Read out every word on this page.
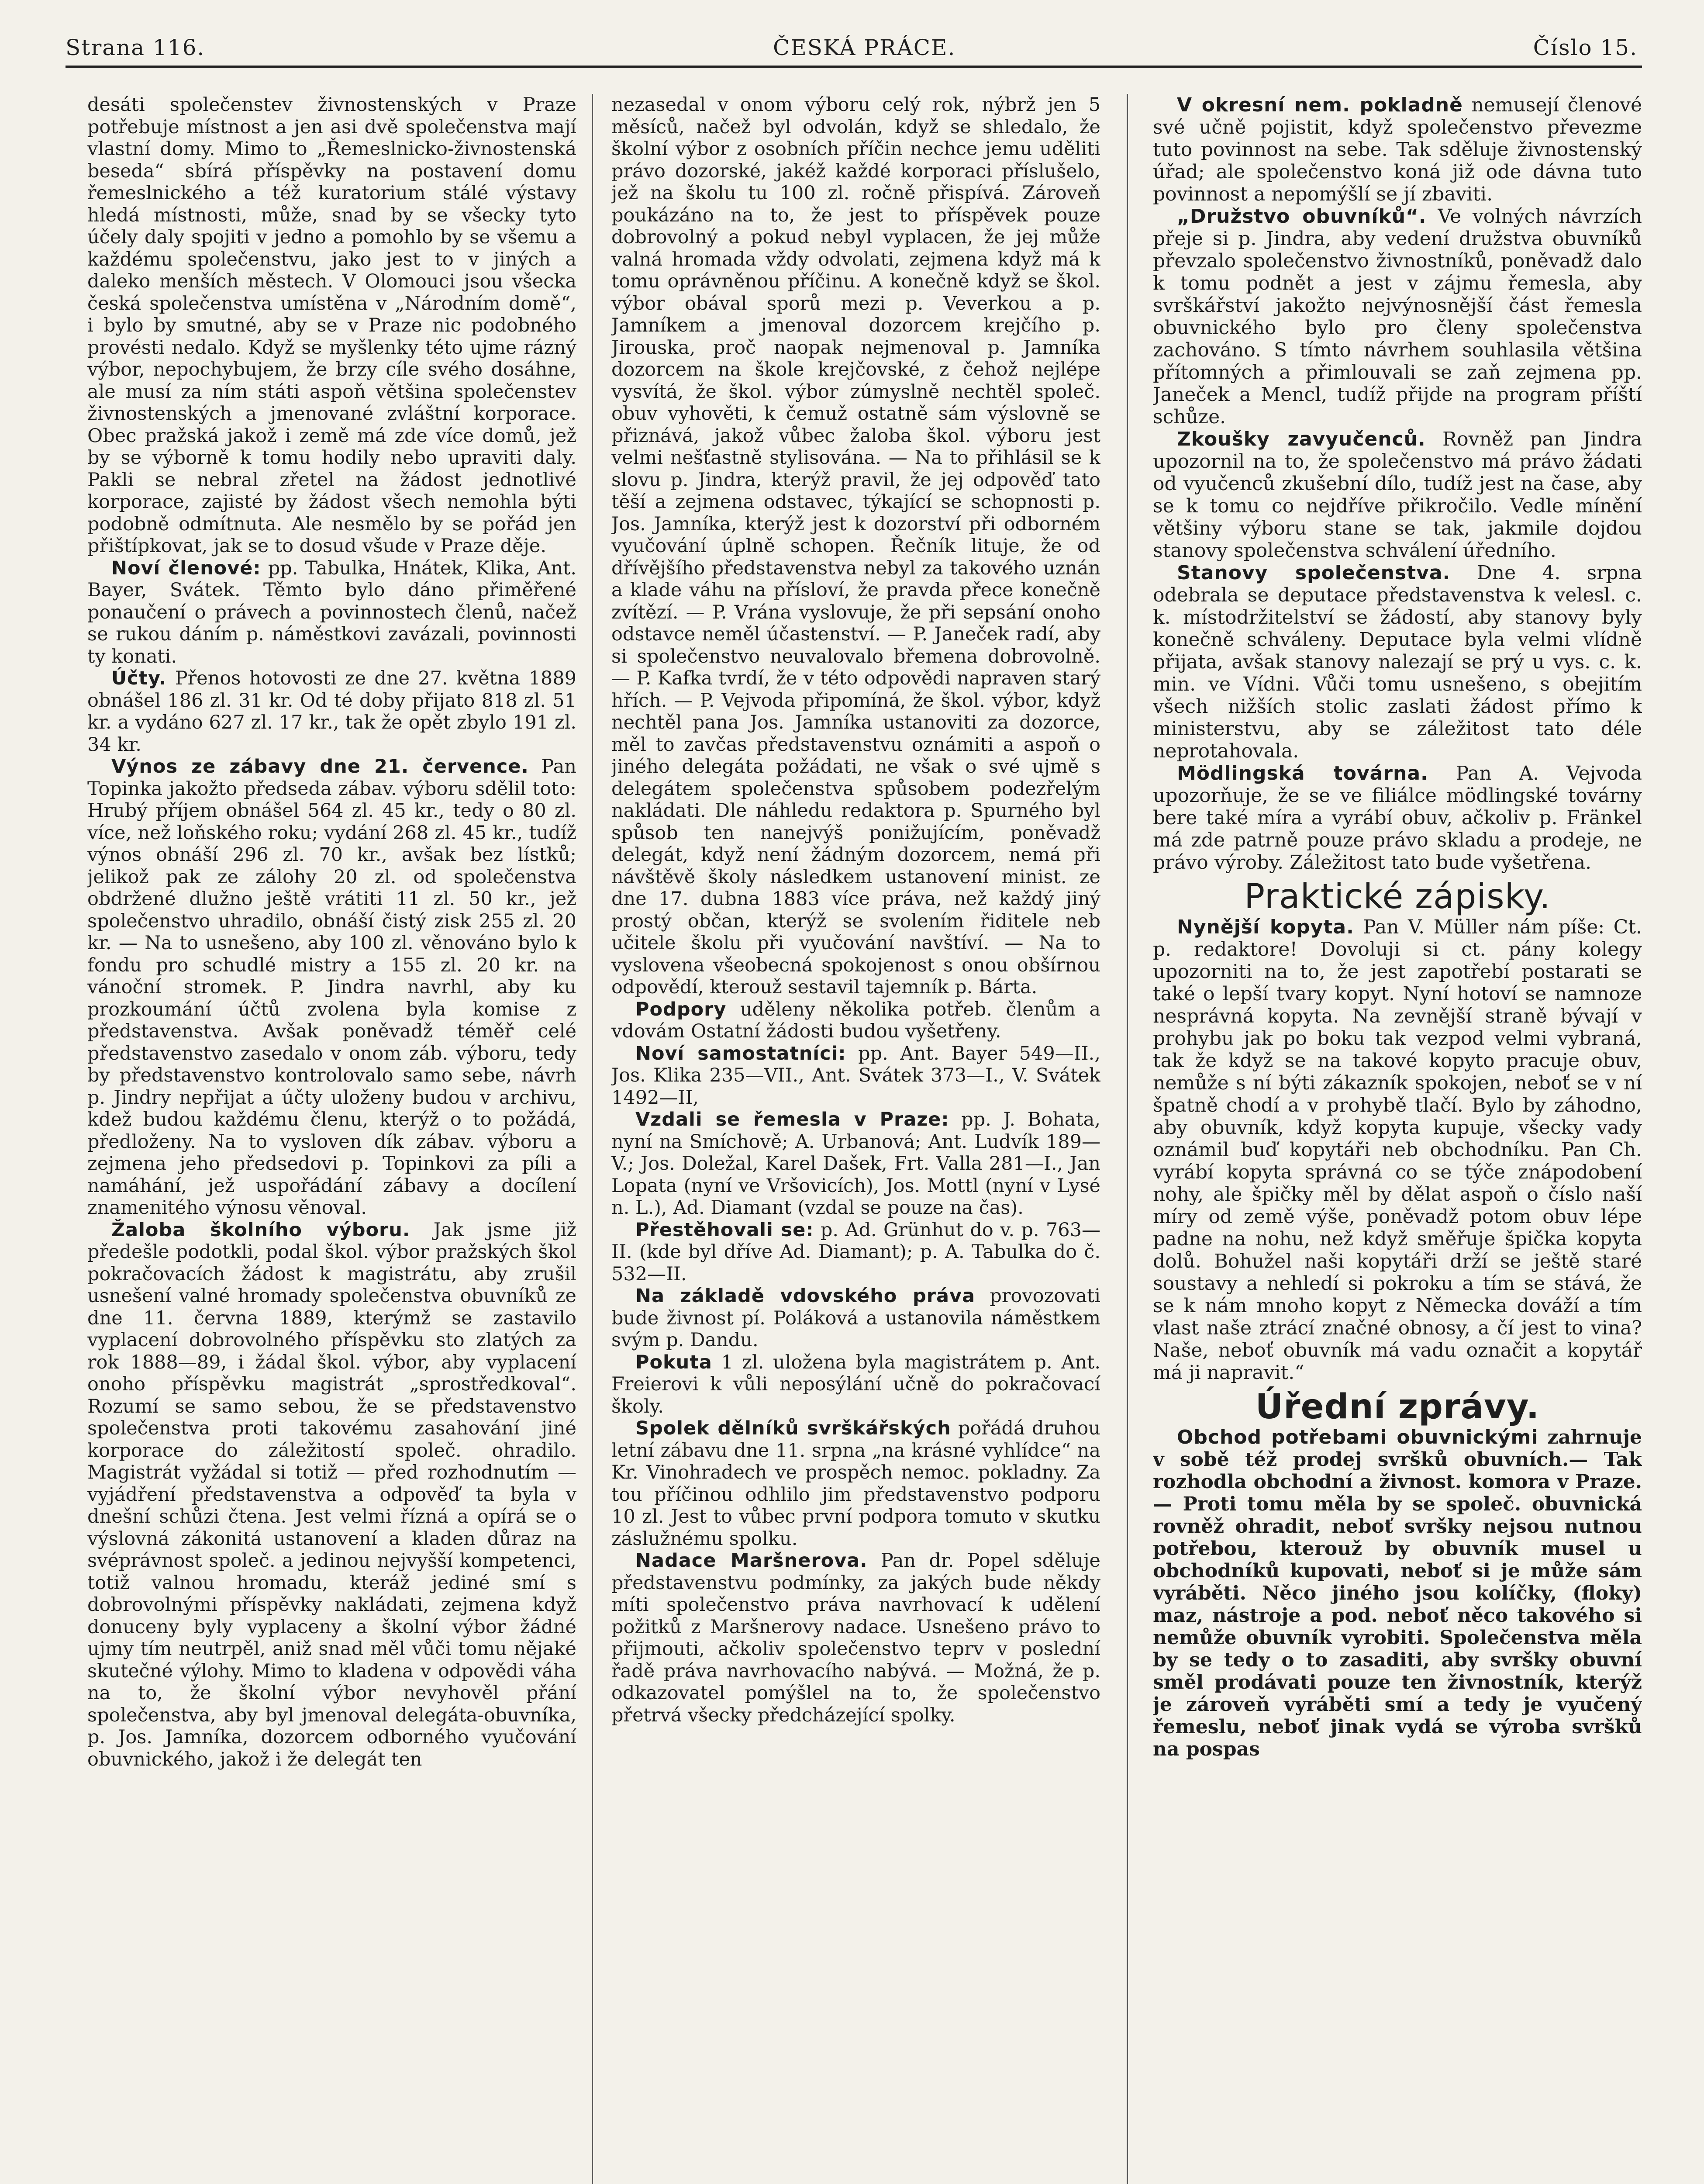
Strana 116.	ČESKÁ PRÁCE.	Číslo 15.

desáti společenstev živnostenských v Praze potřebuje místnost a jen asi dvě společenstva mají vlastní domy. Mimo to „Řemeslnicko-živnostenská beseda“ sbírá příspěvky na postavení domu řemeslnického a též kuratorium stálé výstavy hledá místnosti, může, snad by se všecky tyto účely daly spojiti v jedno a pomohlo by se všemu a každému společenstvu, jako jest to v jiných a daleko menších městech. V Olomouci jsou všecka česká společenstva umístěna v „Národním domě“, i bylo by smutné, aby se v Praze nic podobného provésti nedalo. Když se myšlenky této ujme rázný výbor, nepochybujem, že brzy cíle svého dosáhne, ale musí za ním státi aspoň většina společenstev živnostenských a jmenované zvláštní korporace. Obec pražská jakož i země má zde více domů, jež by se výborně k tomu hodily nebo upraviti daly. Pakli se nebral zřetel na žádost jednotlivé korporace, zajisté by žádost všech nemohla býti podobně odmítnuta. Ale nesmělo by se pořád jen přištípkovat, jak se to dosud všude v Praze děje.

Noví členové: pp. Tabulka, Hnátek, Klika, Ant. Bayer, Svátek. Těmto bylo dáno přiměřené ponaučení o právech a povinnostech členů, načež se rukou dáním p. náměstkovi zavázali, povinnosti ty konati.

Účty. Přenos hotovosti ze dne 27. května 1889 obnášel 186 zl. 31 kr. Od té doby přijato 818 zl. 51 kr. a vydáno 627 zl. 17 kr., tak že opět zbylo 191 zl. 34 kr.

Výnos ze zábavy dne 21. července. Pan Topinka jakožto předseda zábav. výboru sdělil toto: Hrubý příjem obnášel 564 zl. 45 kr., tedy o 80 zl. více, než loňského roku; vydání 268 zl. 45 kr., tudíž výnos obnáší 296 zl. 70 kr., avšak bez lístků; jelikož pak ze zálohy 20 zl. od společenstva obdržené dlužno ještě vrátiti 11 zl. 50 kr., jež společenstvo uhradilo, obnáší čistý zisk 255 zl. 20 kr. — Na to usnešeno, aby 100 zl. věnováno bylo k fondu pro schudlé mistry a 155 zl. 20 kr. na vánoční stromek. P. Jindra navrhl, aby ku prozkoumání účtů zvolena byla komise z představenstva. Avšak poněvadž téměř celé představenstvo zasedalo v onom záb. výboru, tedy by představenstvo kontrolovalo samo sebe, návrh p. Jindry nepřijat a účty uloženy budou v archivu, kdež budou každému členu, kterýž o to požádá, předloženy. Na to vysloven dík zábav. výboru a zejmena jeho předsedovi p. Topinkovi za píli a namáhání, jež uspořádání zábavy a docílení znamenitého výnosu věnoval.

Žaloba školního výboru. Jak jsme již předešle podotkli, podal škol. výbor pražských škol pokračovacích žádost k magistrátu, aby zrušil usnešení valné hromady společenstva obuvníků ze dne 11. června 1889, kterýmž se zastavilo vyplacení dobrovolného příspěvku sto zlatých za rok 1888—89, i žádal škol. výbor, aby vyplacení onoho příspěvku magistrát „sprostředkoval“. Rozumí se samo sebou, že se představenstvo společenstva proti takovému zasahování jiné korporace do záležitostí společ. ohradilo. Magistrát vyžádal si totiž — před rozhodnutím — vyjádření představenstva a odpověď ta byla v dnešní schůzi čtena. Jest velmi řízná a opírá se o výslovná zákonitá ustanovení a kladen důraz na svéprávnost společ. a jedinou nejvyšší kompetenci, totiž valnou hromadu, kteráž jediné smí s dobrovolnými příspěvky nakládati, zejmena když donuceny byly vyplaceny a školní výbor žádné ujmy tím neutrpěl, aniž snad měl vůči tomu nějaké skutečné výlohy. Mimo to kladena v odpovědi váha na to, že školní výbor nevyhověl přání společenstva, aby byl jmenoval delegáta-obuvníka, p. Jos. Jamníka, dozorcem odborného vyučování obuvnického, jakož i že delegát ten

nezasedal v onom výboru celý rok, nýbrž jen 5 měsíců, načež byl odvolán, když se shledalo, že školní výbor z osobních příčin nechce jemu uděliti právo dozorské, jakéž každé korporaci příslušelo, jež na školu tu 100 zl. ročně přispívá. Zároveň poukázáno na to, že jest to příspěvek pouze dobrovolný a pokud nebyl vyplacen, že jej může valná hromada vždy odvolati, zejmena když má k tomu oprávněnou příčinu. A konečně když se škol. výbor obával sporů mezi p. Veverkou a p. Jamníkem a jmenoval dozorcem krejčího p. Jirouska, proč naopak nejmenoval p. Jamníka dozorcem na škole krejčovské, z čehož nejlépe vysvítá, že škol. výbor zúmyslně nechtěl společ. obuv vyhověti, k čemuž ostatně sám výslovně se přiznává, jakož vůbec žaloba škol. výboru jest velmi nešťastně stylisována. — Na to přihlásil se k slovu p. Jindra, kterýž pravil, že jej odpověď tato těší a zejmena odstavec, týkající se schopnosti p. Jos. Jamníka, kterýž jest k dozorství při odborném vyučování úplně schopen. Řečník lituje, že od dřívějšího představenstva nebyl za takového uznán a klade váhu na přísloví, že pravda přece konečně zvítězí. — P. Vrána vyslovuje, že při sepsání onoho odstavce neměl účastenství. — P. Janeček radí, aby si společenstvo neuvalovalo břemena dobrovolně. — P. Kafka tvrdí, že v této odpovědi napraven starý hřích. — P. Vejvoda připomíná, že škol. výbor, když nechtěl pana Jos. Jamníka ustanoviti za dozorce, měl to zavčas představenstvu oznámiti a aspoň o jiného delegáta požádati, ne však o své ujmě s delegátem společenstva spůsobem podezřelým nakládati. Dle náhledu redaktora p. Spurného byl spůsob ten nanejvýš ponižujícím, poněvadž delegát, když není žádným dozorcem, nemá při návštěvě školy následkem ustanovení minist. ze dne 17. dubna 1883 více práva, než každý jiný prostý občan, kterýž se svolením řiditele neb učitele školu při vyučování navštíví. — Na to vyslovena všeobecná spokojenost s onou obšírnou odpovědí, kterouž sestavil tajemník p. Bárta.

Podpory uděleny několika potřeb. členům a vdovám Ostatní žádosti budou vyšetřeny.

Noví samostatníci: pp. Ant. Bayer 549—II., Jos. Klika 235—VII., Ant. Svátek 373—I., V. Svátek 1492—II,

Vzdali se řemesla v Praze: pp. J. Bohata, nyní na Smíchově; A. Urbanová; Ant. Ludvík 189—V.; Jos. Doležal, Karel Dašek, Frt. Valla 281—I., Jan Lopata (nyní ve Vršovicích), Jos. Mottl (nyní v Lysé n. L.), Ad. Diamant (vzdal se pouze na čas).

Přestěhovali se: p. Ad. Grünhut do v. p. 763—II. (kde byl dříve Ad. Diamant); p. A. Tabulka do č. 532—II.

Na základě vdovského práva provozovati bude živnost pí. Poláková a ustanovila náměstkem svým p. Dandu.

Pokuta 1 zl. uložena byla magistrátem p. Ant. Freierovi k vůli neposýlání učně do pokračovací školy.

Spolek dělníků svrškářských pořádá druhou letní zábavu dne 11. srpna „na krásné vyhlídce“ na Kr. Vinohradech ve prospěch nemoc. pokladny. Za tou příčinou odhlilo jim představenstvo podporu 10 zl. Jest to vůbec první podpora tomuto v skutku záslužnému spolku.

Nadace Maršnerova. Pan dr. Popel sděluje představenstvu podmínky, za jakých bude někdy míti společenstvo práva navrhovací k udělení požitků z Maršnerovy nadace. Usnešeno právo to přijmouti, ačkoliv společenstvo teprv v poslední řadě práva navrhovacího nabývá. — Možná, že p. odkazovatel pomýšlel na to, že společenstvo přetrvá všecky předcházející spolky.

V okresní nem. pokladně nemusejí členové své učně pojistit, když společenstvo převezme tuto povinnost na sebe. Tak sděluje živnostenský úřad; ale společenstvo koná již ode dávna tuto povinnost a nepomýšlí se jí zbaviti.

„Družstvo obuvníků“. Ve volných návrzích přeje si p. Jindra, aby vedení družstva obuvníků převzalo společenstvo živnostníků, poněvadž dalo k tomu podnět a jest v zájmu řemesla, aby svrškářství jakožto nejvýnosnější část řemesla obuvnického bylo pro členy společenstva zachováno. S tímto návrhem souhlasila většina přítomných a přimlouvali se zaň zejmena pp. Janeček a Mencl, tudíž přijde na program příští schůze.

Zkoušky zavyučenců. Rovněž pan Jindra upozornil na to, že společenstvo má právo žádati od vyučenců zkušební dílo, tudíž jest na čase, aby se k tomu co nejdříve přikročilo. Vedle mínění většiny výboru stane se tak, jakmile dojdou stanovy společenstva schválení úředního.

Stanovy společenstva. Dne 4. srpna odebrala se deputace představenstva k velesl. c. k. místodržitelství se žádostí, aby stanovy byly konečně schváleny. Deputace byla velmi vlídně přijata, avšak stanovy nalezají se prý u vys. c. k. min. ve Vídni. Vůči tomu usnešeno, s obejitím všech nižších stolic zaslati žádost přímo k ministerstvu, aby se záležitost tato déle neprotahovala.

Mödlingská továrna. Pan A. Vejvoda upozorňuje, že se ve filiálce mödlingské továrny bere také míra a vyrábí obuv, ačkoliv p. Fränkel má zde patrně pouze právo skladu a prodeje, ne právo výroby. Záležitost tato bude vyšetřena.

Praktické zápisky.

Nynější kopyta. Pan V. Müller nám píše: Ct. p. redaktore! Dovoluji si ct. pány kolegy upozorniti na to, že jest zapotřebí postarati se také o lepší tvary kopyt. Nyní hotoví se namnoze nesprávná kopyta. Na zevnější straně bývají v prohybu jak po boku tak vezpod velmi vybraná, tak že když se na takové kopyto pracuje obuv, nemůže s ní býti zákazník spokojen, neboť se v ní špatně chodí a v prohybě tlačí. Bylo by záhodno, aby obuvník, když kopyta kupuje, všecky vady oznámil buď kopytáři neb obchodníku. Pan Ch. vyrábí kopyta správná co se týče znápodobení nohy, ale špičky měl by dělat aspoň o číslo naší míry od země výše, poněvadž potom obuv lépe padne na nohu, než když směřuje špička kopyta dolů. Bohužel naši kopytáři drží se ještě staré soustavy a nehledí si pokroku a tím se stává, že se k nám mnoho kopyt z Německa dováží a tím vlast naše ztrácí značné obnosy, a čí jest to vina? Naše, neboť obuvník má vadu označit a kopytář má ji napravit.“

Úřední zprávy.

Obchod potřebami obuvnickými zahrnuje v sobě též prodej svršků obuvních.— Tak rozhodla obchodní a živnost. komora v Praze. — Proti tomu měla by se společ. obuvnická rovněž ohradit, neboť svršky nejsou nutnou potřebou, kterouž by obuvník musel u obchodníků kupovati, neboť si je může sám vyráběti. Něco jiného jsou kolíčky, (floky) maz, nástroje a pod. neboť něco takového si nemůže obuvník vyrobiti. Společenstva měla by se tedy o to zasaditi, aby svršky obuvní směl prodávati pouze ten živnostník, kterýž je zároveň vyráběti smí a tedy je vyučený řemeslu, neboť jinak vydá se výroba svršků na pospas
